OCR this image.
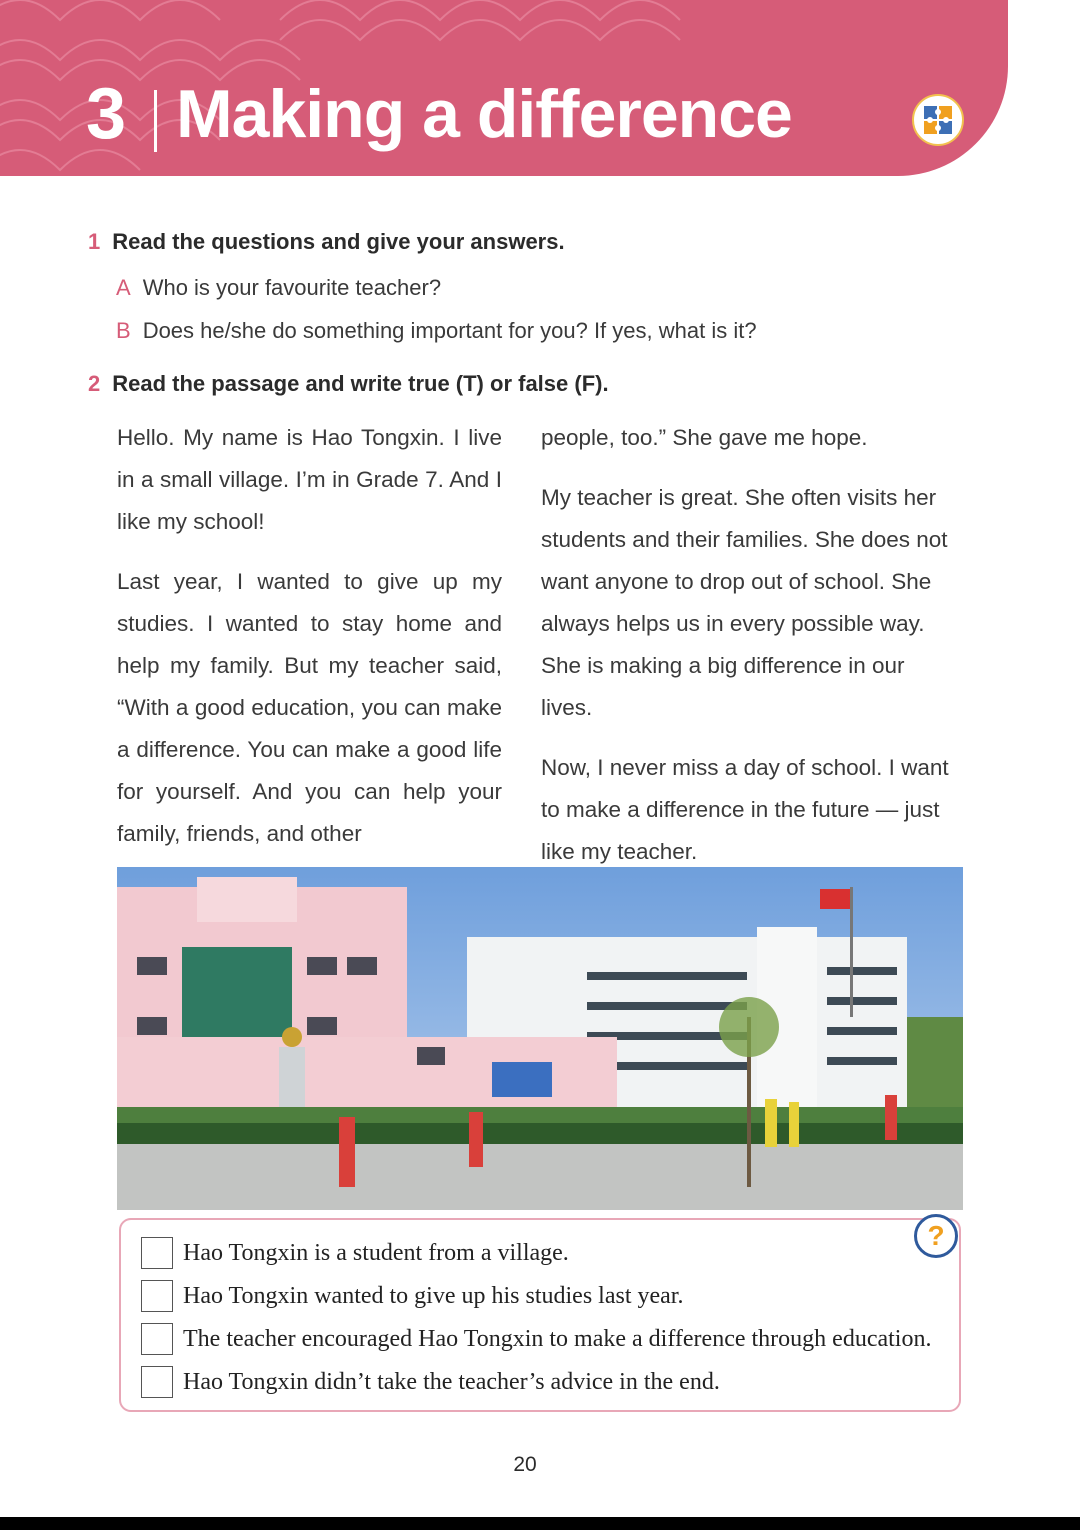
3 Making a difference
1 Read the questions and give your answers.
A Who is your favourite teacher?
B Does he/she do something important for you? If yes, what is it?
2 Read the passage and write true (T) or false (F).

Hello. My name is Hao Tongxin. I live in a small village. I’m in Grade 7. And I like my school!

Last year, I wanted to give up my studies. I wanted to stay home and help my family. But my teacher said, “With a good education, you can make a difference. You can make a good life for yourself. And you can help your family, friends, and other

people, too.” She gave me hope.

My teacher is great. She often visits her students and their families. She does not want anyone to drop out of school. She always helps us in every possible way. She is making a big difference in our lives.

Now, I never miss a day of school. I want to make a difference in the future — just like my teacher.

Hao Tongxin is a student from a village.
Hao Tongxin wanted to give up his studies last year.
The teacher encouraged Hao Tongxin to make a difference through education.
Hao Tongxin didn’t take the teacher’s advice in the end.
?
20
